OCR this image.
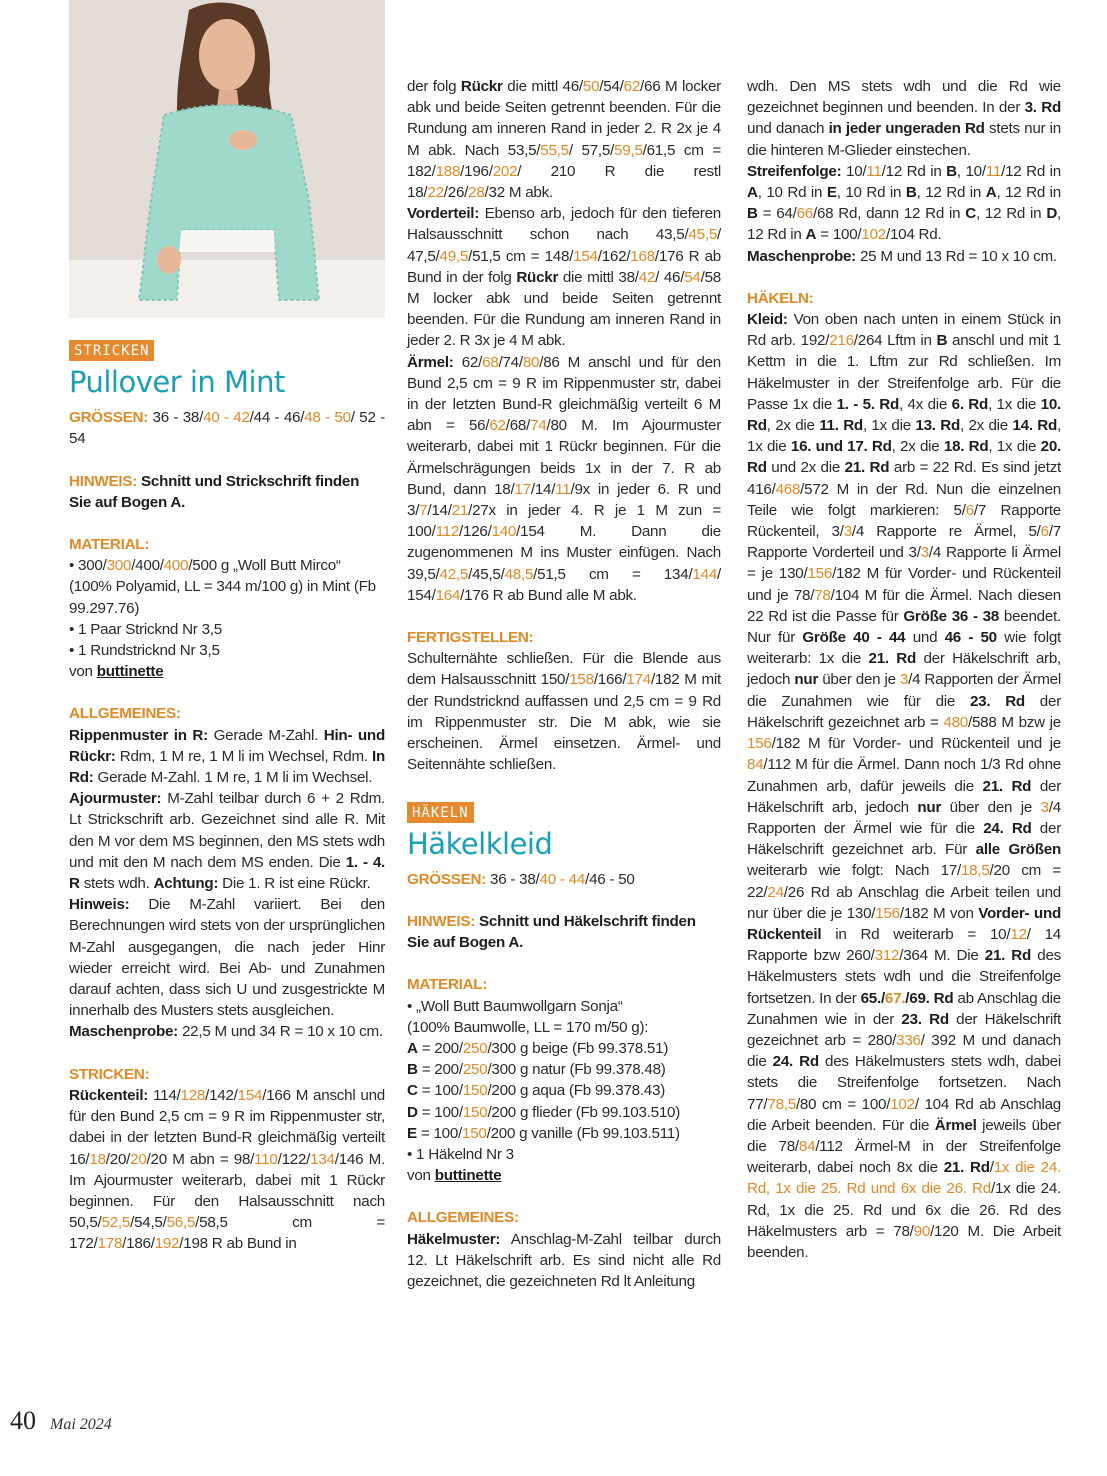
STRICKEN
Pullover in Mint

GRÖSSEN: 36 - 38/40 - 42/44 - 46/48 - 50/ 52 - 54

HINWEIS: Schnitt und Strickschrift finden Sie auf Bogen A.

MATERIAL:

• 300/300/400/400/500 g „Woll Butt Mirco“ (100% Polyamid, LL = 344 m/100 g) in Mint (Fb 99.297.76)

• 1 Paar Stricknd Nr 3,5

• 1 Rundstricknd Nr 3,5

von buttinette

ALLGEMEINES:

Rippenmuster in R: Gerade M-Zahl. Hin- und Rückr: Rdm, 1 M re, 1 M li im Wechsel, Rdm. In Rd: Gerade M-Zahl. 1 M re, 1 M li im Wechsel.

Ajourmuster: M-Zahl teilbar durch 6 + 2 Rdm. Lt Strickschrift arb. Gezeichnet sind alle R. Mit den M vor dem MS beginnen, den MS stets wdh und mit den M nach dem MS enden. Die 1. - 4. R stets wdh. Achtung: Die 1. R ist eine Rückr.

Hinweis: Die M-Zahl variiert. Bei den Berechnungen wird stets von der ursprünglichen M-Zahl ausgegangen, die nach jeder Hinr wieder erreicht wird. Bei Ab- und Zunahmen darauf achten, dass sich U und zusgestrickte M innerhalb des Musters stets ausgleichen.

Maschenprobe: 22,5 M und 34 R = 10 x 10 cm.

STRICKEN:

Rückenteil: 114/128/142/154/166 M anschl und für den Bund 2,5 cm = 9 R im Rippenmuster str, dabei in der letzten Bund-R gleichmäßig verteilt 16/18/20/20/20 M abn = 98/110/122/134/146 M. Im Ajourmuster weiterarb, dabei mit 1 Rückr beginnen. Für den Halsausschnitt nach 50,5/52,5/54,5/56,5/58,5 cm = 172/178/186/192/198 R ab Bund in

der folg Rückr die mittl 46/50/54/62/66 M locker abk und beide Seiten getrennt beenden. Für die Rundung am inneren Rand in jeder 2. R 2x je 4 M abk. Nach 53,5/55,5/ 57,5/59,5/61,5 cm = 182/188/196/202/ 210 R die restl 18/22/26/28/32 M abk.

Vorderteil: Ebenso arb, jedoch für den tieferen Halsausschnitt schon nach 43,5/45,5/ 47,5/49,5/51,5 cm = 148/154/162/168/176 R ab Bund in der folg Rückr die mittl 38/42/ 46/54/58 M locker abk und beide Seiten getrennt beenden. Für die Rundung am inneren Rand in jeder 2. R 3x je 4 M abk.

Ärmel: 62/68/74/80/86 M anschl und für den Bund 2,5 cm = 9 R im Rippenmuster str, dabei in der letzten Bund-R gleichmäßig verteilt 6 M abn = 56/62/68/74/80 M. Im Ajourmuster weiterarb, dabei mit 1 Rückr beginnen. Für die Ärmelschrägungen beids 1x in der 7. R ab Bund, dann 18/17/14/11/9x in jeder 6. R und 3/7/14/21/27x in jeder 4. R je 1 M zun = 100/112/126/140/154 M. Dann die zugenommenen M ins Muster einfügen. Nach 39,5/42,5/45,5/48,5/51,5 cm = 134/144/ 154/164/176 R ab Bund alle M abk.

FERTIGSTELLEN:

Schulternähte schließen. Für die Blende aus dem Halsausschnitt 150/158/166/174/182 M mit der Rundstricknd auffassen und 2,5 cm = 9 Rd im Rippenmuster str. Die M abk, wie sie erscheinen. Ärmel einsetzen. Ärmel- und Seitennähte schließen.

HÄKELN
Häkelkleid

GRÖSSEN: 36 - 38/40 - 44/46 - 50

HINWEIS: Schnitt und Häkelschrift finden Sie auf Bogen A.

MATERIAL:

• „Woll Butt Baumwollgarn Sonja“

(100% Baumwolle, LL = 170 m/50 g):

A = 200/250/300 g beige (Fb 99.378.51)

B = 200/250/300 g natur (Fb 99.378.48)

C = 100/150/200 g aqua (Fb 99.378.43)

D = 100/150/200 g flieder (Fb 99.103.510)

E = 100/150/200 g vanille (Fb 99.103.511)

• 1 Häkelnd Nr 3

von buttinette

ALLGEMEINES:

Häkelmuster: Anschlag-M-Zahl teilbar durch 12. Lt Häkelschrift arb. Es sind nicht alle Rd gezeichnet, die gezeichneten Rd lt Anleitung

wdh. Den MS stets wdh und die Rd wie gezeichnet beginnen und beenden. In der 3. Rd und danach in jeder ungeraden Rd stets nur in die hinteren M-Glieder einstechen.

Streifenfolge: 10/11/12 Rd in B, 10/11/12 Rd in A, 10 Rd in E, 10 Rd in B, 12 Rd in A, 12 Rd in B = 64/66/68 Rd, dann 12 Rd in C, 12 Rd in D, 12 Rd in A = 100/102/104 Rd.

Maschenprobe: 25 M und 13 Rd = 10 x 10 cm.

HÄKELN:

Kleid: Von oben nach unten in einem Stück in Rd arb. 192/216/264 Lftm in B anschl und mit 1 Kettm in die 1. Lftm zur Rd schließen. Im Häkelmuster in der Streifenfolge arb. Für die Passe 1x die 1. - 5. Rd, 4x die 6. Rd, 1x die 10. Rd, 2x die 11. Rd, 1x die 13. Rd, 2x die 14. Rd, 1x die 16. und 17. Rd, 2x die 18. Rd, 1x die 20. Rd und 2x die 21. Rd arb = 22 Rd. Es sind jetzt 416/468/572 M in der Rd. Nun die einzelnen Teile wie folgt markieren: 5/6/7 Rapporte Rückenteil, 3/3/4 Rapporte re Ärmel, 5/6/7 Rapporte Vorderteil und 3/3/4 Rapporte li Ärmel = je 130/156/182 M für Vorder- und Rückenteil und je 78/78/104 M für die Ärmel. Nach diesen 22 Rd ist die Passe für Größe 36 - 38 beendet. Nur für Größe 40 - 44 und 46 - 50 wie folgt weiterarb: 1x die 21. Rd der Häkelschrift arb, jedoch nur über den je 3/4 Rapporten der Ärmel die Zunahmen wie für die 23. Rd der Häkelschrift gezeichnet arb = 480/588 M bzw je 156/182 M für Vorder- und Rückenteil und je 84/112 M für die Ärmel. Dann noch 1/3 Rd ohne Zunahmen arb, dafür jeweils die 21. Rd der Häkelschrift arb, jedoch nur über den je 3/4 Rapporten der Ärmel wie für die 24. Rd der Häkelschrift gezeichnet arb. Für alle Größen weiterarb wie folgt: Nach 17/18,5/20 cm = 22/24/26 Rd ab Anschlag die Arbeit teilen und nur über die je 130/156/182 M von Vorder- und Rückenteil in Rd weiterarb = 10/12/ 14 Rapporte bzw 260/312/364 M. Die 21. Rd des Häkelmusters stets wdh und die Streifenfolge fortsetzen. In der 65./67./69. Rd ab Anschlag die Zunahmen wie in der 23. Rd der Häkelschrift gezeichnet arb = 280/336/ 392 M und danach die 24. Rd des Häkelmusters stets wdh, dabei stets die Streifenfolge fortsetzen. Nach 77/78,5/80 cm = 100/102/ 104 Rd ab Anschlag die Arbeit beenden. Für die Ärmel jeweils über die 78/84/112 Ärmel-M in der Streifenfolge weiterarb, dabei noch 8x die 21. Rd/1x die 24. Rd, 1x die 25. Rd und 6x die 26. Rd/1x die 24. Rd, 1x die 25. Rd und 6x die 26. Rd des Häkelmusters arb = 78/90/120 M. Die Arbeit beenden.

40 Mai 2024
